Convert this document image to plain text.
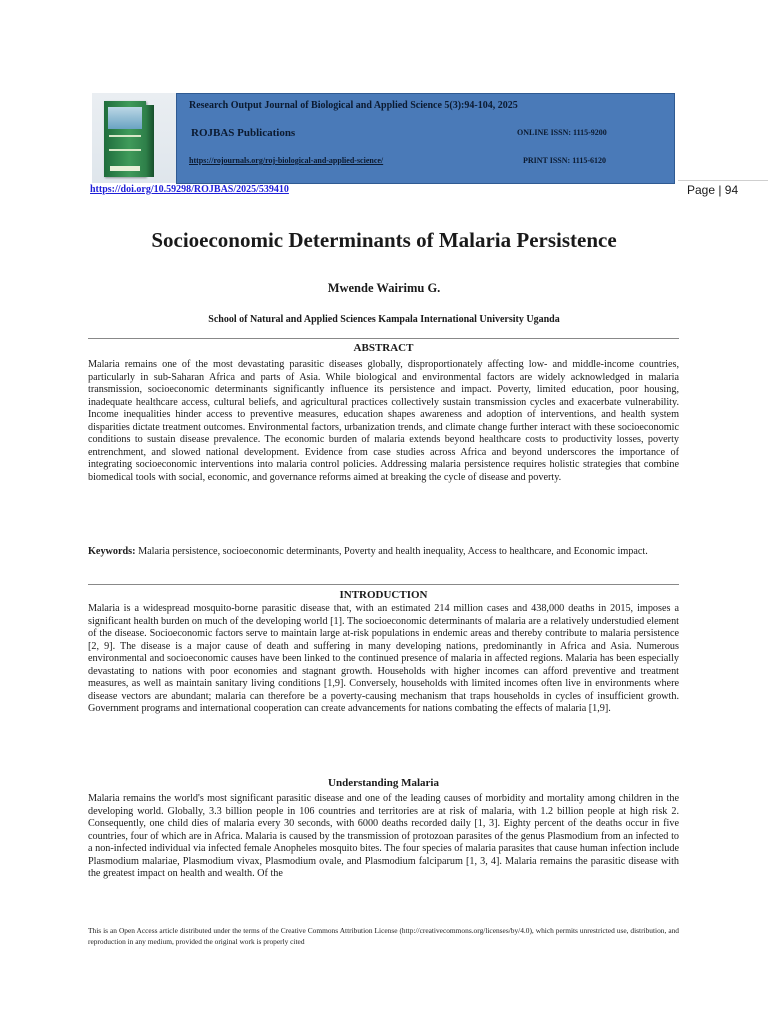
Research Output Journal of Biological and Applied Science 5(3):94-104, 2025
ROJBAS Publications	ONLINE ISSN: 1115-9200
https://rojournals.org/roj-biological-and-applied-science/	PRINT ISSN: 1115-6120
https://doi.org/10.59298/ROJBAS/2025/539410	Page | 94
Socioeconomic Determinants of Malaria Persistence
Mwende Wairimu G.
School of Natural and Applied Sciences Kampala International University Uganda
ABSTRACT

Malaria remains one of the most devastating parasitic diseases globally, disproportionately affecting low- and middle-income countries, particularly in sub-Saharan Africa and parts of Asia. While biological and environmental factors are widely acknowledged in malaria transmission, socioeconomic determinants significantly influence its persistence and impact. Poverty, limited education, poor housing, inadequate healthcare access, cultural beliefs, and agricultural practices collectively sustain transmission cycles and exacerbate vulnerability. Income inequalities hinder access to preventive measures, education shapes awareness and adoption of interventions, and health system disparities dictate treatment outcomes. Environmental factors, urbanization trends, and climate change further interact with these socioeconomic conditions to sustain disease prevalence. The economic burden of malaria extends beyond healthcare costs to productivity losses, poverty entrenchment, and slowed national development. Evidence from case studies across Africa and beyond underscores the importance of integrating socioeconomic interventions into malaria control policies. Addressing malaria persistence requires holistic strategies that combine biomedical tools with social, economic, and governance reforms aimed at breaking the cycle of disease and poverty.

Keywords: Malaria persistence, socioeconomic determinants, Poverty and health inequality, Access to healthcare, and Economic impact.

INTRODUCTION

Malaria is a widespread mosquito-borne parasitic disease that, with an estimated 214 million cases and 438,000 deaths in 2015, imposes a significant health burden on much of the developing world [1]. The socioeconomic determinants of malaria are a relatively understudied element of the disease. Socioeconomic factors serve to maintain large at-risk populations in endemic areas and thereby contribute to malaria persistence [2, 9]. The disease is a major cause of death and suffering in many developing nations, predominantly in Africa and Asia. Numerous environmental and socioeconomic causes have been linked to the continued presence of malaria in affected regions. Malaria has been especially devastating to nations with poor economies and stagnant growth. Households with higher incomes can afford preventive and treatment measures, as well as maintain sanitary living conditions [1,9]. Conversely, households with limited incomes often live in environments where disease vectors are abundant; malaria can therefore be a poverty-causing mechanism that traps households in cycles of insufficient growth. Government programs and international cooperation can create advancements for nations combating the effects of malaria [1,9].

Understanding Malaria

Malaria remains the world's most significant parasitic disease and one of the leading causes of morbidity and mortality among children in the developing world. Globally, 3.3 billion people in 106 countries and territories are at risk of malaria, with 1.2 billion people at high risk 2. Consequently, one child dies of malaria every 30 seconds, with 6000 deaths recorded daily [1, 3]. Eighty percent of the deaths occur in five countries, four of which are in Africa. Malaria is caused by the transmission of protozoan parasites of the genus Plasmodium from an infected to a non-infected individual via infected female Anopheles mosquito bites. The four species of malaria parasites that cause human infection include Plasmodium malariae, Plasmodium vivax, Plasmodium ovale, and Plasmodium falciparum [1, 3, 4]. Malaria remains the parasitic disease with the greatest impact on health and wealth. Of the

This is an Open Access article distributed under the terms of the Creative Commons Attribution License (http://creativecommons.org/licenses/by/4.0), which permits unrestricted use, distribution, and reproduction in any medium, provided the original work is properly cited
